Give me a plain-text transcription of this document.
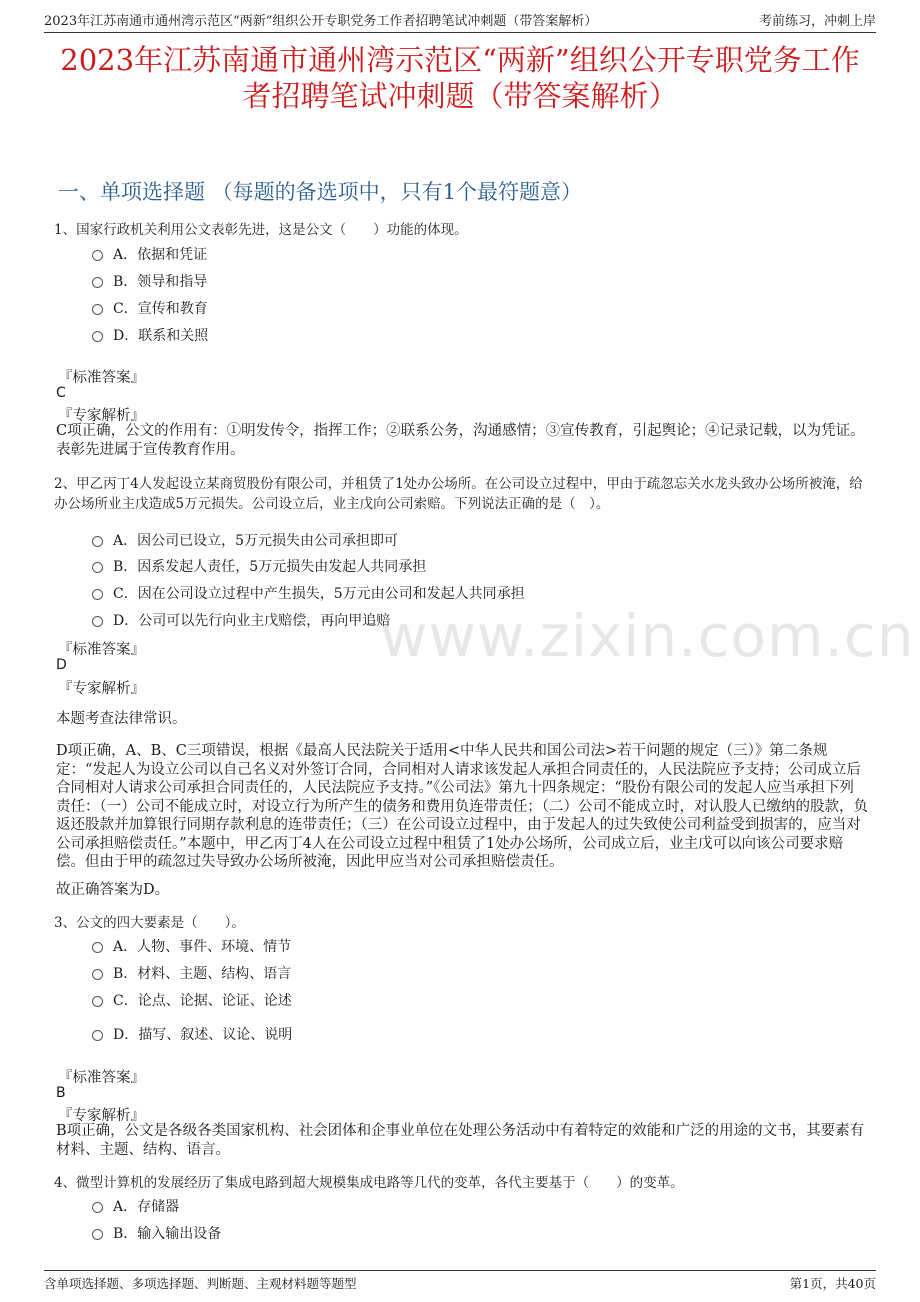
2023年江苏南通市通州湾示范区“两新”组织公开专职党务工作者招聘笔试冲刺题（带答案解析）	考前练习，冲刺上岸
2023年江苏南通市通州湾示范区“两新”组织公开专职党务工作
者招聘笔试冲刺题（带答案解析）
一、单项选择题 （每题的备选项中，只有1个最符题意）
www.zixin.com.cn
1、国家行政机关利用公文表彰先进，这是公文（　　）功能的体现。
A．依据和凭证
B．领导和指导
C．宣传和教育
D．联系和关照
『标准答案』
C
『专家解析』
C项正确，公文的作用有：①明发传令，指挥工作；②联系公务，沟通感情；③宣传教育，引起舆论；④记录记载，以为凭证。表彰先进属于宣传教育作用。
2、甲乙丙丁4人发起设立某商贸股份有限公司，并租赁了1处办公场所。在公司设立过程中，甲由于疏忽忘关水龙头致办公场所被淹，给办公场所业主戊造成5万元损失。公司设立后，业主戊向公司索赔。下列说法正确的是（　）。
A．因公司已设立，5万元损失由公司承担即可
B．因系发起人责任，5万元损失由发起人共同承担
C．因在公司设立过程中产生损失，5万元由公司和发起人共同承担
D．公司可以先行向业主戊赔偿，再向甲追赔
『标准答案』
D
『专家解析』
本题考查法律常识。
D项正确，A、B、C三项错误，根据《最高人民法院关于适用<中华人民共和国公司法>若干问题的规定（三）》第二条规定：“发起人为设立公司以自己名义对外签订合同，合同相对人请求该发起人承担合同责任的，人民法院应予支持；公司成立后合同相对人请求公司承担合同责任的，人民法院应予支持。”《公司法》第九十四条规定：“股份有限公司的发起人应当承担下列责任：（一）公司不能成立时，对设立行为所产生的债务和费用负连带责任；（二）公司不能成立时，对认股人已缴纳的股款，负返还股款并加算银行同期存款利息的连带责任；（三）在公司设立过程中，由于发起人的过失致使公司利益受到损害的，应当对公司承担赔偿责任。”本题中，甲乙丙丁4人在公司设立过程中租赁了1处办公场所，公司成立后，业主戊可以向该公司要求赔偿。但由于甲的疏忽过失导致办公场所被淹，因此甲应当对公司承担赔偿责任。
故正确答案为D。
3、公文的四大要素是（　　）。
A．人物、事件、环境、情节
B．材料、主题、结构、语言
C．论点、论据、论证、论述
D．描写、叙述、议论、说明
『标准答案』
B
『专家解析』
B项正确，公文是各级各类国家机构、社会团体和企事业单位在处理公务活动中有着特定的效能和广泛的用途的文书，其要素有材料、主题、结构、语言。
4、微型计算机的发展经历了集成电路到超大规模集成电路等几代的变革，各代主要基于（　　）的变革。
A．存储器
B．输入输出设备
含单项选择题、多项选择题、判断题、主观材料题等题型	第1页，共40页
